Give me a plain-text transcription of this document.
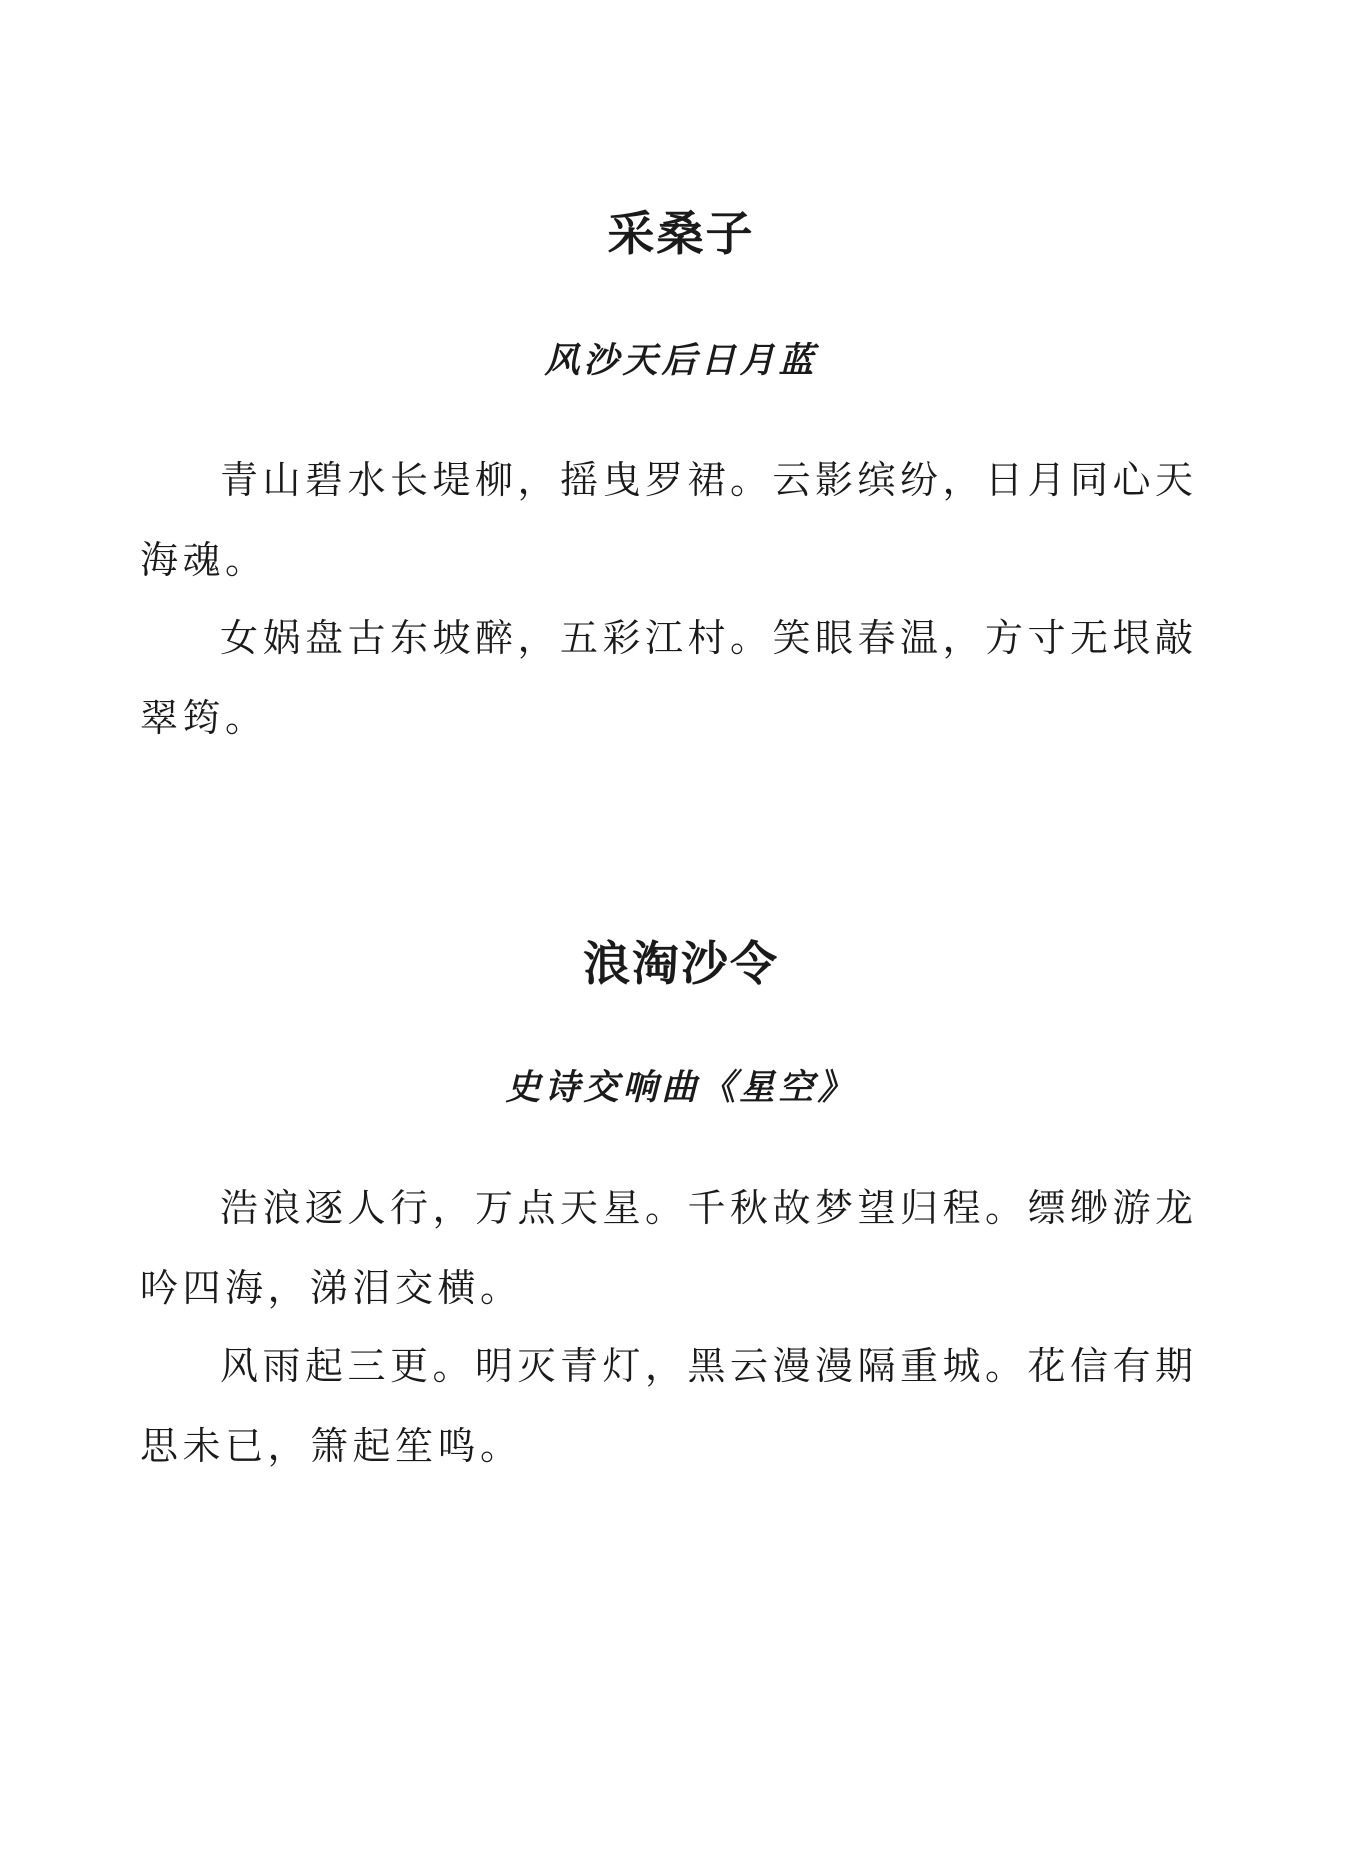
采桑子
风沙天后日月蓝

青山碧水长堤柳，摇曳罗裙。云影缤纷，日月同心天海魂。

女娲盘古东坡醉，五彩江村。笑眼春温，方寸无垠敲翠筠。

浪淘沙令
史诗交响曲《星空》

浩浪逐人行，万点天星。千秋故梦望归程。缥缈游龙吟四海，涕泪交横。

风雨起三更。明灭青灯，黑云漫漫隔重城。花信有期思未已，箫起笙鸣。
